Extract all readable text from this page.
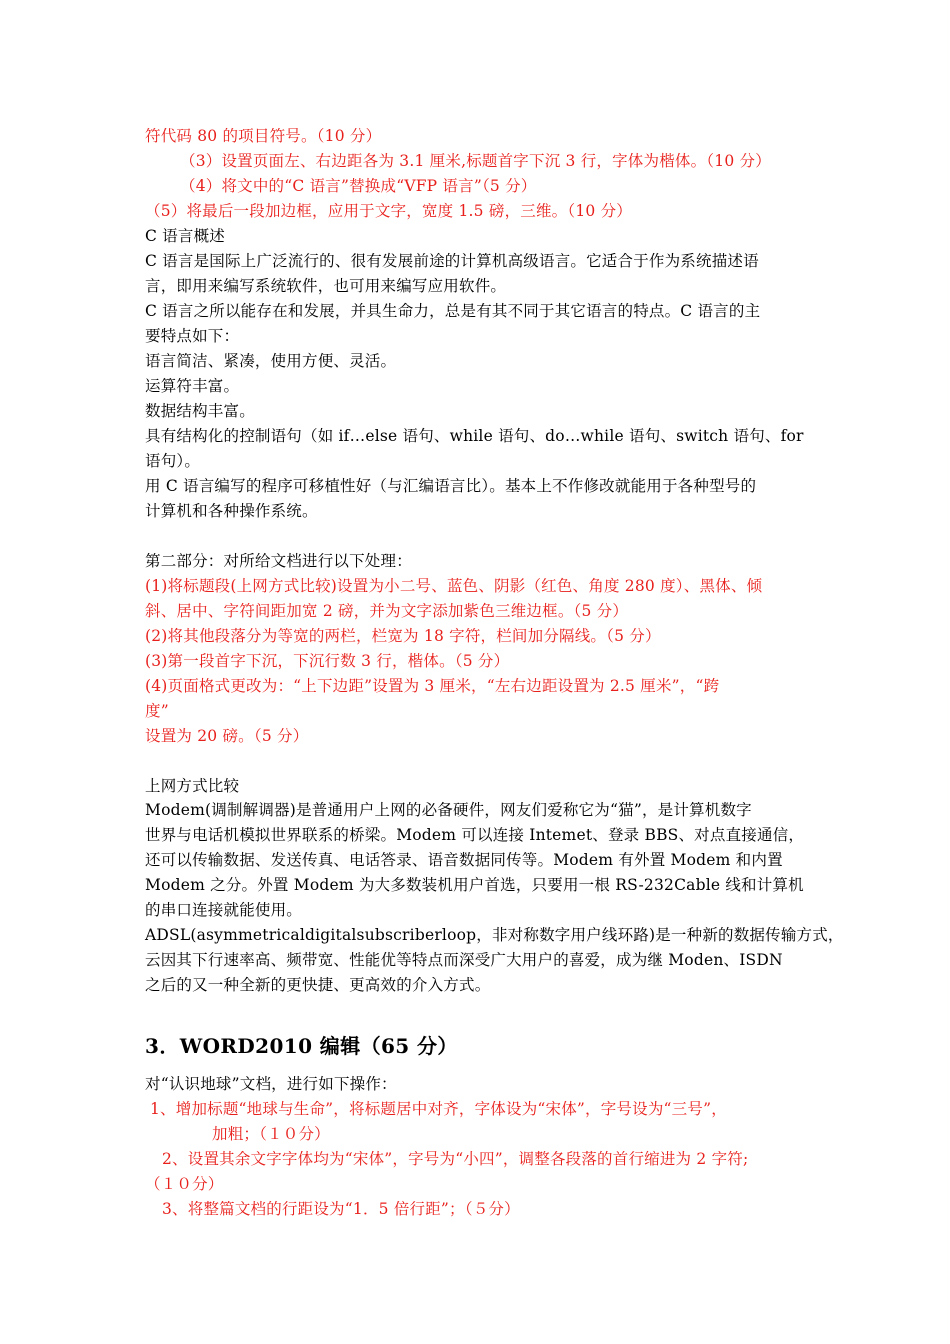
符代码 80 的项目符号。（10 分）
（3）设置页面左、右边距各为 3.1 厘米,标题首字下沉 3 行，字体为楷体。（10 分）
（4）将文中的“C 语言”替换成“VFP 语言”（5 分）
（5）将最后一段加边框，应用于文字，宽度 1.5 磅，三维。（10 分）
C 语言概述
C 语言是国际上广泛流行的、很有发展前途的计算机高级语言。它适合于作为系统描述语
言，即用来编写系统软件，也可用来编写应用软件。
C 语言之所以能存在和发展，并具生命力，总是有其不同于其它语言的特点。C 语言的主
要特点如下：
语言简洁、紧凑，使用方便、灵活。
运算符丰富。
数据结构丰富。
具有结构化的控制语句（如 if…else 语句、while 语句、do…while 语句、switch 语句、for
语句）。
用 C 语言编写的程序可移植性好（与汇编语言比）。基本上不作修改就能用于各种型号的
计算机和各种操作系统。
第二部分：对所给文档进行以下处理：
(1)将标题段(上网方式比较)设置为小二号、蓝色、阴影（红色、角度 280 度）、黑体、倾
斜、居中、字符间距加宽 2 磅，并为文字添加紫色三维边框。（5 分）
(2)将其他段落分为等宽的两栏，栏宽为 18 字符，栏间加分隔线。（5 分）
(3)第一段首字下沉，下沉行数 3 行，楷体。（5 分）
(4)页面格式更改为：“上下边距”设置为 3 厘米，“左右边距设置为 2.5 厘米”，“跨
度”
设置为 20 磅。（5 分）
上网方式比较
Modem(调制解调器)是普通用户上网的必备硬件，网友们爱称它为“猫”，是计算机数字
世界与电话机模拟世界联系的桥梁。Modem 可以连接 Intemet、登录 BBS、对点直接通信，
还可以传输数据、发送传真、电话答录、语音数据同传等。Modem 有外置 Modem 和内置
Modem 之分。外置 Modem 为大多数装机用户首选，只要用一根 RS-232Cable 线和计算机
的串口连接就能使用。
ADSL(asymmetricaldigitalsubscriberloop，非对称数字用户线环路)是一种新的数据传输方式，
云因其下行速率高、频带宽、性能优等特点而深受广大用户的喜爱，成为继 Moden、ISDN
之后的又一种全新的更快捷、更高效的介入方式。
3．WORD2010 编辑（65 分）
对“认识地球”文档，进行如下操作：
1、增加标题“地球与生命”，将标题居中对齐，字体设为“宋体”，字号设为“三号”，
加粗；（１０分）
2、设置其余文字字体均为“宋体”，字号为“小四”，调整各段落的首行缩进为 2 字符;
（１０分）
3、将整篇文档的行距设为“1．5 倍行距”；（５分）
